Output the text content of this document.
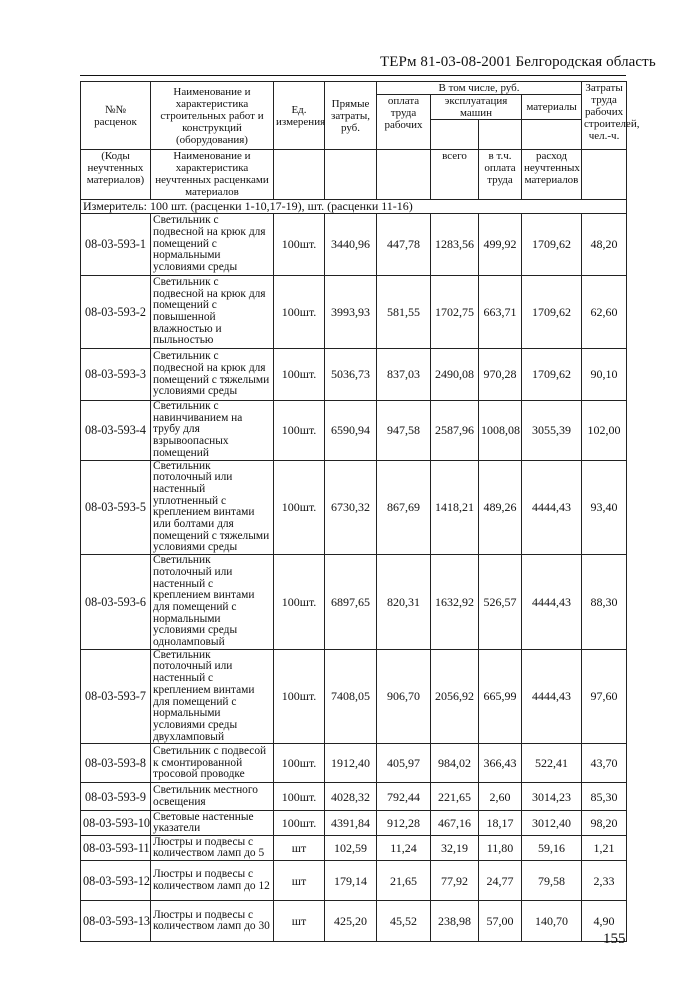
ТЕРм 81-03-08-2001 Белгородская область
№№ расценок	Наименование и характеристика строительных работ и конструкций (оборудования)	Ед. измерения	Прямые затраты, руб.	В том числе, руб.				Затраты труда рабочих строителей, чел.-ч.
				оплата труда рабочих	эксплуатация машин		материалы	

(Коды неучтенных материалов)	Наименование и характеристика неучтенных расценками материалов				всего	в т.ч. оплата труда	расход неучтенных материалов	
Измеритель: 100 шт. (расценки 1-10,17-19), шт. (расценки 11-16)								
08-03-593-1	Светильник с подвесной на крюк для помещений с нормальными условиями среды	100шт.	3440,96	447,78	1283,56	499,92	1709,62	48,20
08-03-593-2	Светильник с подвесной на крюк для помещений с повышенной влажностью и пыльностью	100шт.	3993,93	581,55	1702,75	663,71	1709,62	62,60
08-03-593-3	Светильник с подвесной на крюк для помещений с тяжелыми условиями среды	100шт.	5036,73	837,03	2490,08	970,28	1709,62	90,10
08-03-593-4	Светильник с навинчиванием на трубу для взрывоопасных помещений	100шт.	6590,94	947,58	2587,96	1008,08	3055,39	102,00
08-03-593-5	Светильник потолочный или настенный уплотненный с креплением винтами или болтами для помещений с тяжелыми условиями среды	100шт.	6730,32	867,69	1418,21	489,26	4444,43	93,40
08-03-593-6	Светильник потолочный или настенный с креплением винтами для помещений с нормальными условиями среды одноламповый	100шт.	6897,65	820,31	1632,92	526,57	4444,43	88,30
08-03-593-7	Светильник потолочный или настенный с креплением винтами для помещений с нормальными условиями среды двухламповый	100шт.	7408,05	906,70	2056,92	665,99	4444,43	97,60
08-03-593-8	Светильник с подвесой к смонтированной тросовой проводке	100шт.	1912,40	405,97	984,02	366,43	522,41	43,70
08-03-593-9	Светильник местного освещения	100шт.	4028,32	792,44	221,65	2,60	3014,23	85,30
08-03-593-10	Световые настенные указатели	100шт.	4391,84	912,28	467,16	18,17	3012,40	98,20
08-03-593-11	Люстры и подвесы с количеством ламп до 5	шт	102,59	11,24	32,19	11,80	59,16	1,21
08-03-593-12	Люстры и подвесы с количеством ламп до 12	шт	179,14	21,65	77,92	24,77	79,58	2,33
08-03-593-13	Люстры и подвесы с количеством ламп до 30	шт	425,20	45,52	238,98	57,00	140,70	4,90
155
